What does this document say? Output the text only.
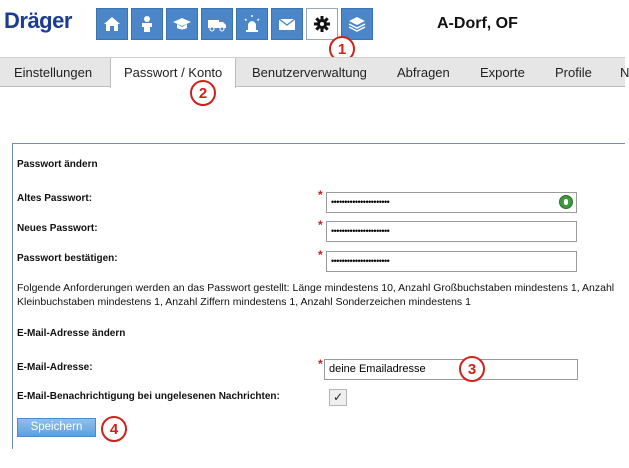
Dräger	A-Dorf, OF
1
Einstellungen	Passwort / Konto	Benutzerverwaltung Abfragen Exporte Profile N
2
Passwort ändern
Altes Passwort:	* ••••••••••••••••••••••
Neues Passwort:	* ••••••••••••••••••••••
Passwort bestätigen:	* ••••••••••••••••••••••
Folgende Anforderungen werden an das Passwort gestellt: Länge mindestens 10, Anzahl Großbuchstaben mindestens 1, Anzahl Kleinbuchstaben mindestens 1, Anzahl Ziffern mindestens 1, Anzahl Sonderzeichen mindestens 1
E-Mail-Adresse ändern
E-Mail-Adresse:	* deine Emailadresse	3
E-Mail-Benachrichtigung bei ungelesenen Nachrichten:	✓
Speichern	4
